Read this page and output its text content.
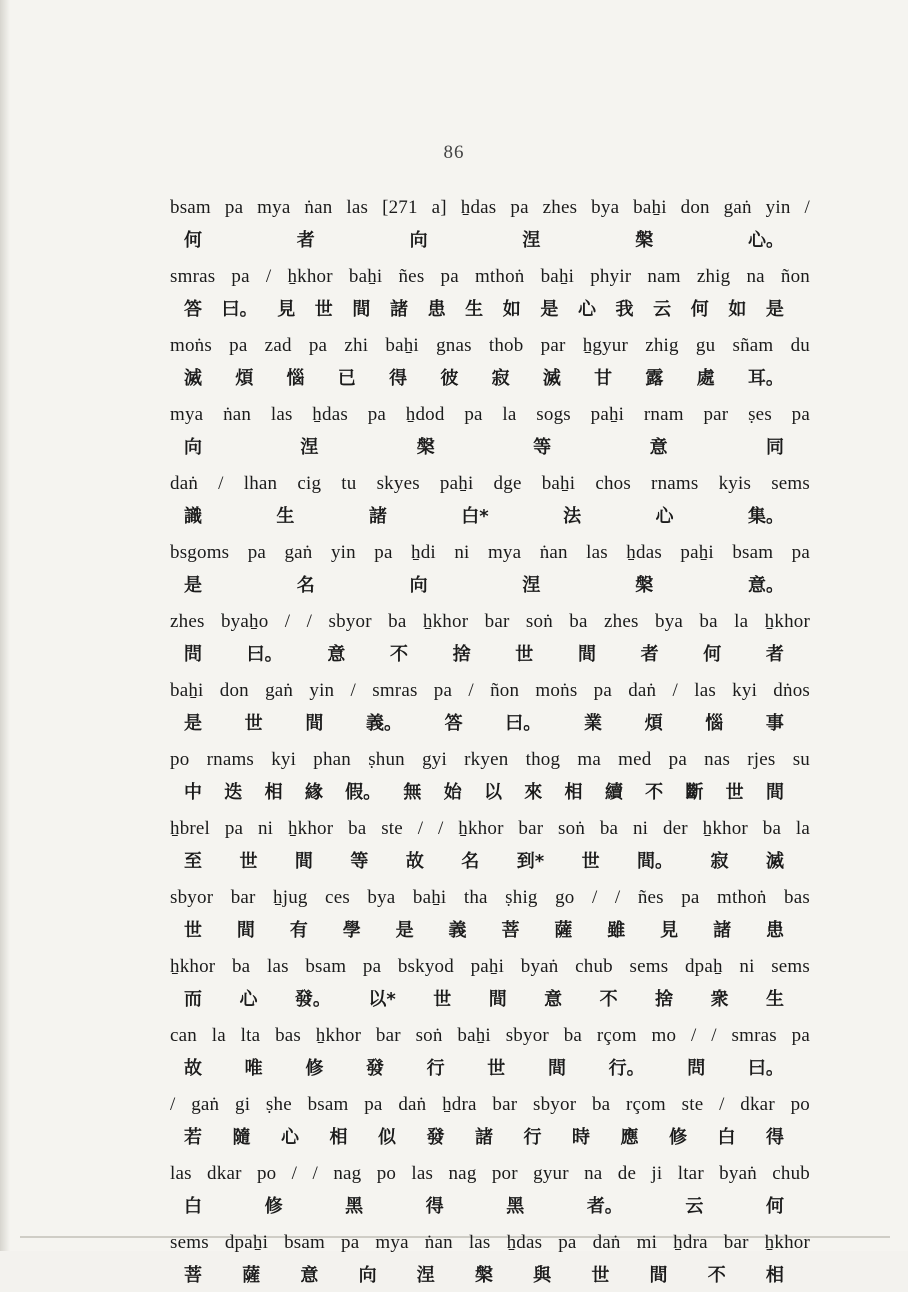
86
bsam pa mya ṅan las [271 a] ẖdas pa zhes bya baẖi don gaṅ yin /
何	者	向	涅	槃	心。
smras pa / ẖkhor baẖi ñes pa mthoṅ baẖi phyir nam zhig na ñon
答 曰。 見 世 間 諸 患 生 如 是 心 我 云 何 如 是
moṅs pa zad pa zhi baẖi gnas thob par ẖgyur zhig gu sñam du
滅 煩 惱 已 得 彼 寂 滅 甘 露 處 耳。
mya ṅan las ẖdas pa ẖdod pa la sogs paẖi rnam par ṣes pa
向	涅	槃	等	意	同
daṅ / lhan cig tu skyes paẖi dge baẖi chos rnams kyis sems
識	生	諸	白*	法	心	集。
bsgoms pa gaṅ yin pa ẖdi ni mya ṅan las ẖdas paẖi bsam pa
是	名	向	涅	槃	意。
zhes byaẖo / / sbyor ba ẖkhor bar soṅ ba zhes bya ba la ẖkhor
問 曰。 意 不 捨 世 間 者 何 者
baẖi don gaṅ yin / smras pa / ñon moṅs pa daṅ / las kyi dṅos
是 世 間 義。 答 曰。 業 煩 惱 事
po rnams kyi phan ṣhun gyi rkyen thog ma med pa nas rjes su
中 迭 相 緣 假。 無 始 以 來 相 續 不 斷 世 間
ẖbrel pa ni ẖkhor ba ste / / ẖkhor bar soṅ ba ni der ẖkhor ba la
至 世 間 等 故 名 到* 世 間。 寂 滅
sbyor bar ẖjug ces bya baẖi tha ṣhig go / / ñes pa mthoṅ bas
世 間 有 學 是 義 菩 薩 雖 見 諸 患
ẖkhor ba las bsam pa bskyod paẖi byaṅ chub sems dpaẖ ni sems
而 心 發。 以* 世 間 意 不 捨 衆 生
can la lta bas ẖkhor bar soṅ baẖi sbyor ba rçom mo / / smras pa
故 唯 修 發 行 世 間 行。 問 曰。
/ gaṅ gi ṣhe bsam pa daṅ ẖdra bar sbyor ba rçom ste / dkar po
若 隨 心 相 似 發 諸 行 時 應 修 白 得
las dkar po / / nag po las nag por gyur na de ji ltar byaṅ chub
白	修	黑	得	黑	者。	云	何
sems dpaẖi bsam pa mya ṅan las ẖdas pa daṅ mi ẖdra bar ẖkhor
菩 薩 意 向 涅 槃 與 世 間 不 相
